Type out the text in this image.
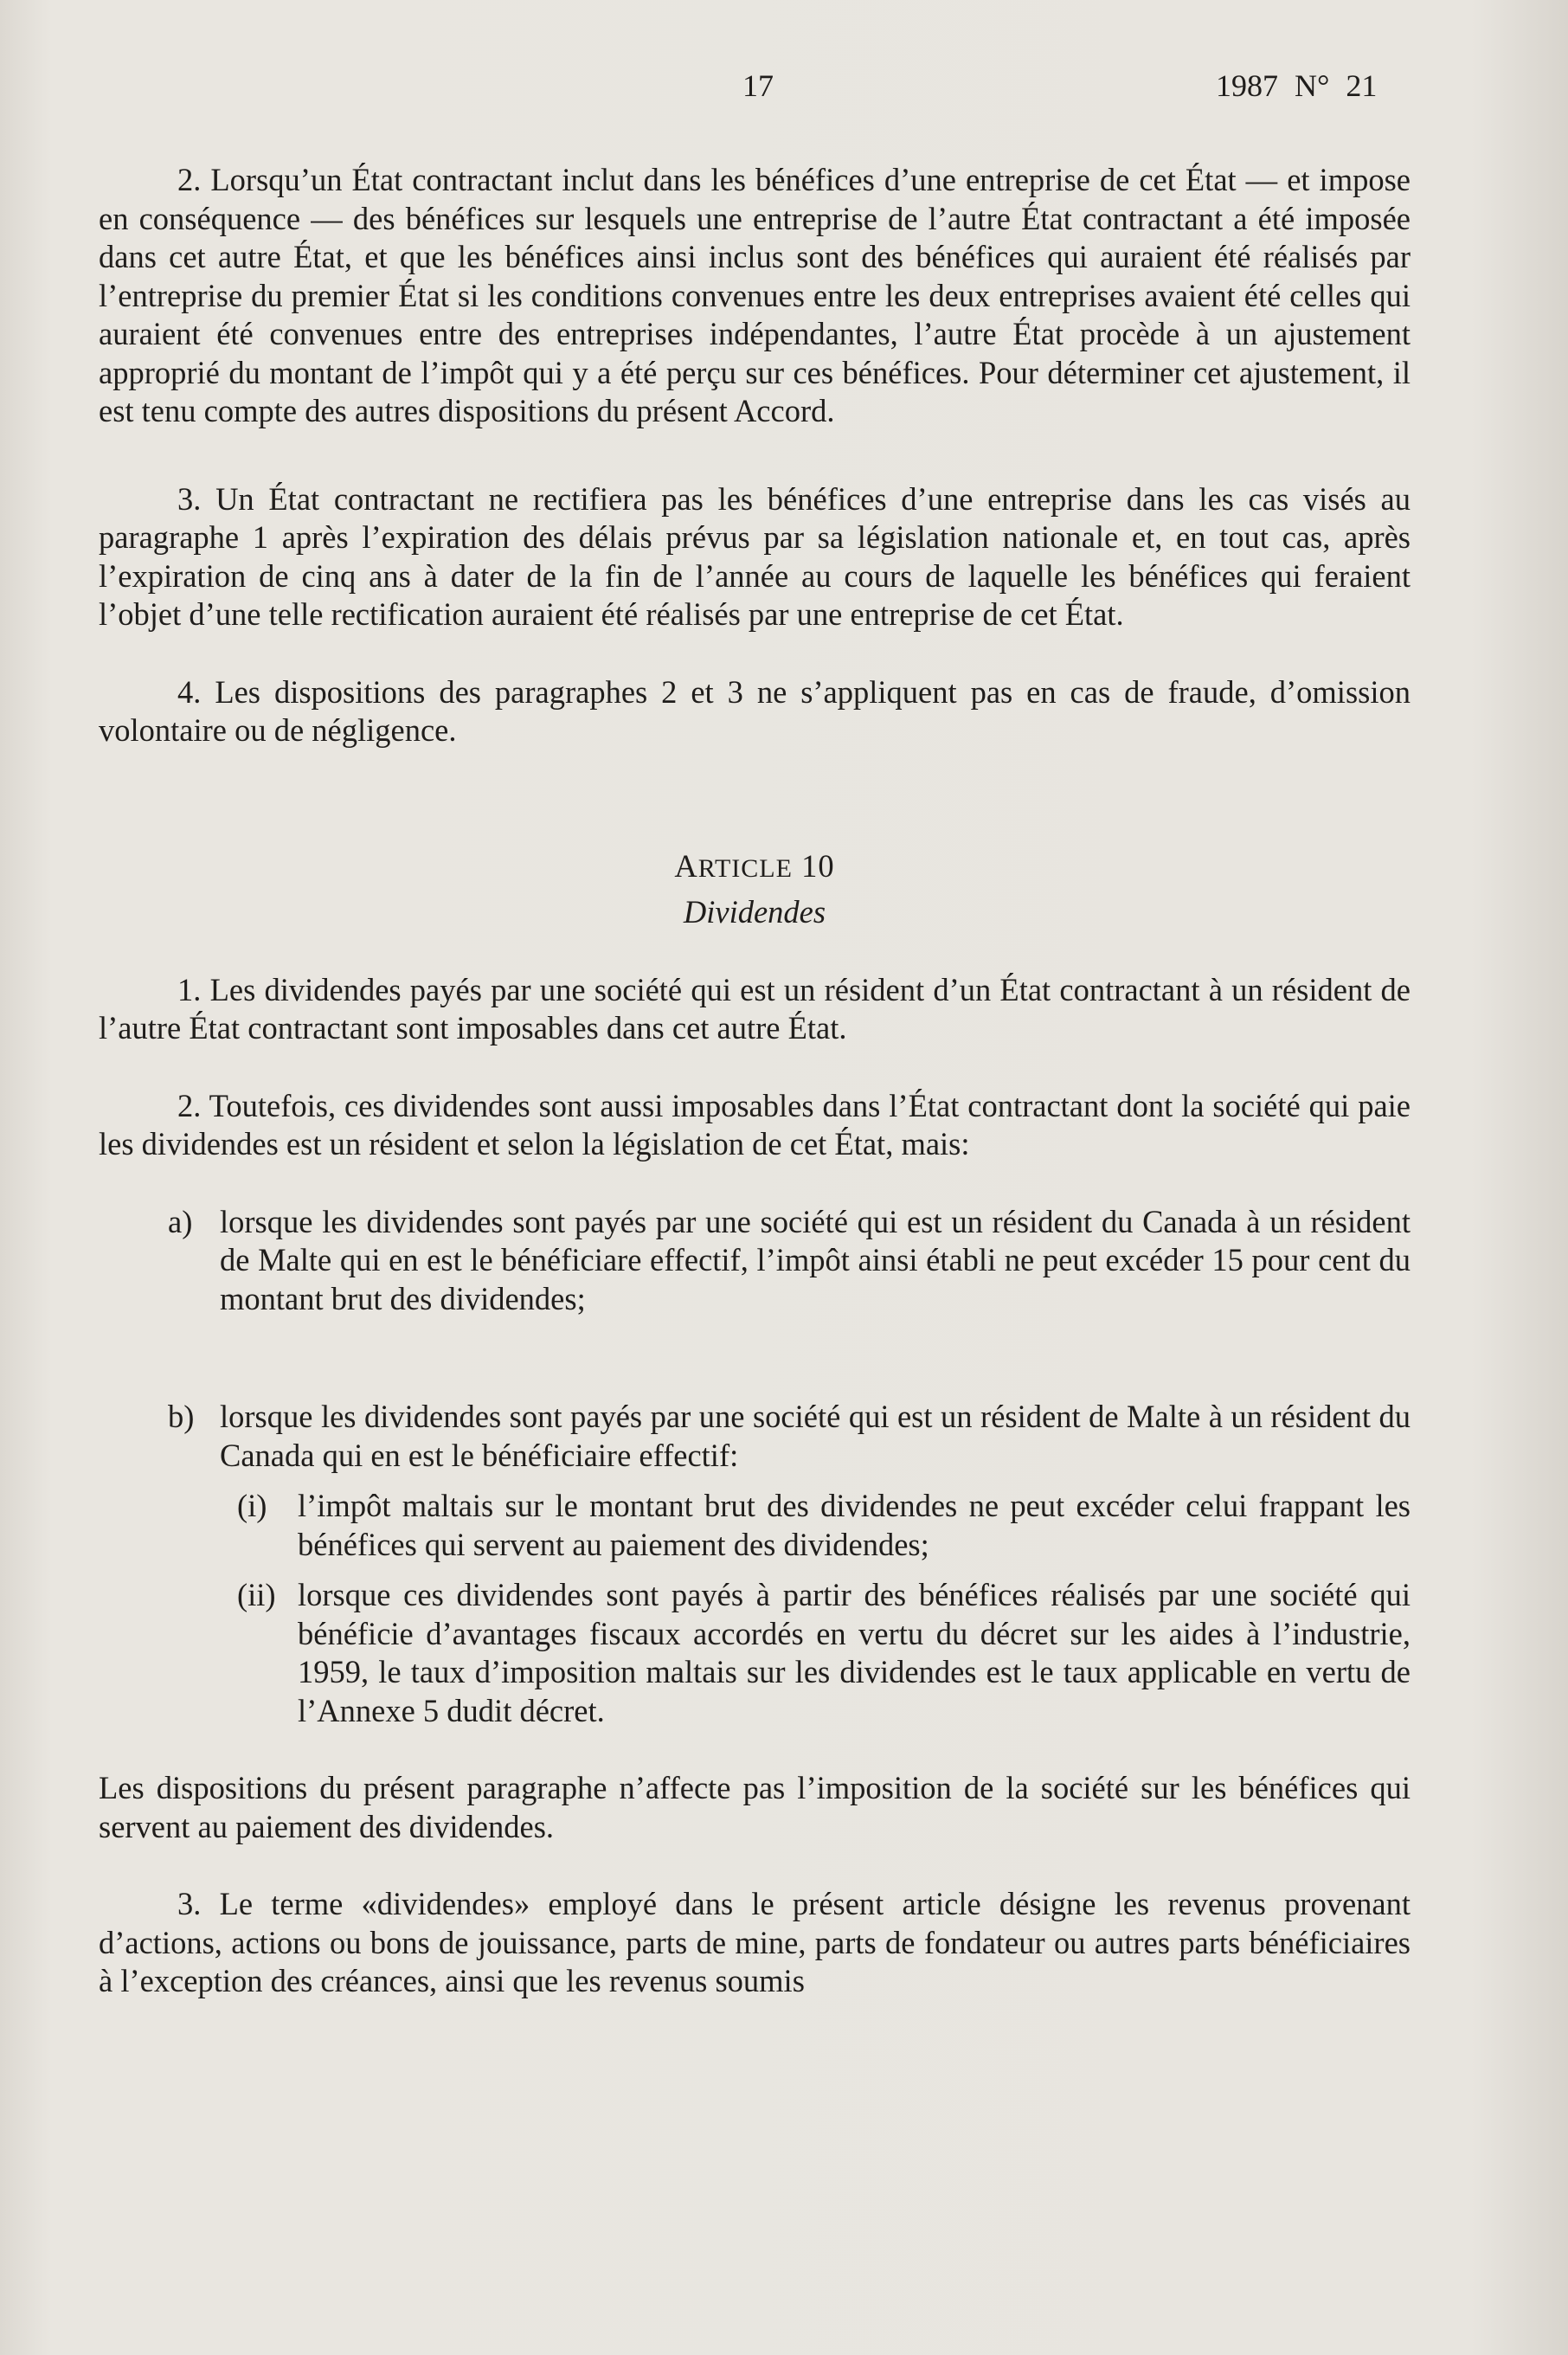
17	1987 N° 21

2. Lorsqu’un État contractant inclut dans les bénéfices d’une entreprise de cet État — et impose en conséquence — des bénéfices sur lesquels une entreprise de l’autre État contractant a été imposée dans cet autre État, et que les bénéfices ainsi inclus sont des bénéfices qui auraient été réalisés par l’entreprise du premier État si les conditions convenues entre les deux entreprises avaient été celles qui auraient été convenues entre des entreprises indépendantes, l’autre État procède à un ajustement approprié du montant de l’impôt qui y a été perçu sur ces bénéfices. Pour déterminer cet ajustement, il est tenu compte des autres dispositions du présent Accord.

3. Un État contractant ne rectifiera pas les bénéfices d’une entreprise dans les cas visés au paragraphe 1 après l’expiration des délais prévus par sa législation nationale et, en tout cas, après l’expiration de cinq ans à dater de la fin de l’année au cours de laquelle les bénéfices qui feraient l’objet d’une telle rectification auraient été réalisés par une entreprise de cet État.

4. Les dispositions des paragraphes 2 et 3 ne s’appliquent pas en cas de fraude, d’omission volontaire ou de négligence.

ARTICLE 10
Dividendes

1. Les dividendes payés par une société qui est un résident d’un État contractant à un résident de l’autre État contractant sont imposables dans cet autre État.

2. Toutefois, ces dividendes sont aussi imposables dans l’État contractant dont la société qui paie les dividendes est un résident et selon la législation de cet État, mais:

a) lorsque les dividendes sont payés par une société qui est un résident du Canada à un résident de Malte qui en est le bénéficiare effectif, l’impôt ainsi établi ne peut excéder 15 pour cent du montant brut des dividendes;
b) lorsque les dividendes sont payés par une société qui est un résident de Malte à un résident du Canada qui en est le bénéficiaire effectif:
(i) l’impôt maltais sur le montant brut des dividendes ne peut excéder celui frappant les bénéfices qui servent au paiement des dividendes;
(ii) lorsque ces dividendes sont payés à partir des bénéfices réalisés par une société qui bénéficie d’avantages fiscaux accordés en vertu du décret sur les aides à l’industrie, 1959, le taux d’imposition maltais sur les dividendes est le taux applicable en vertu de l’Annexe 5 dudit décret.

Les dispositions du présent paragraphe n’affecte pas l’imposition de la société sur les bénéfices qui servent au paiement des dividendes.

3. Le terme «dividendes» employé dans le présent article désigne les revenus provenant d’actions, actions ou bons de jouissance, parts de mine, parts de fondateur ou autres parts bénéficiaires à l’exception des créances, ainsi que les revenus soumis
